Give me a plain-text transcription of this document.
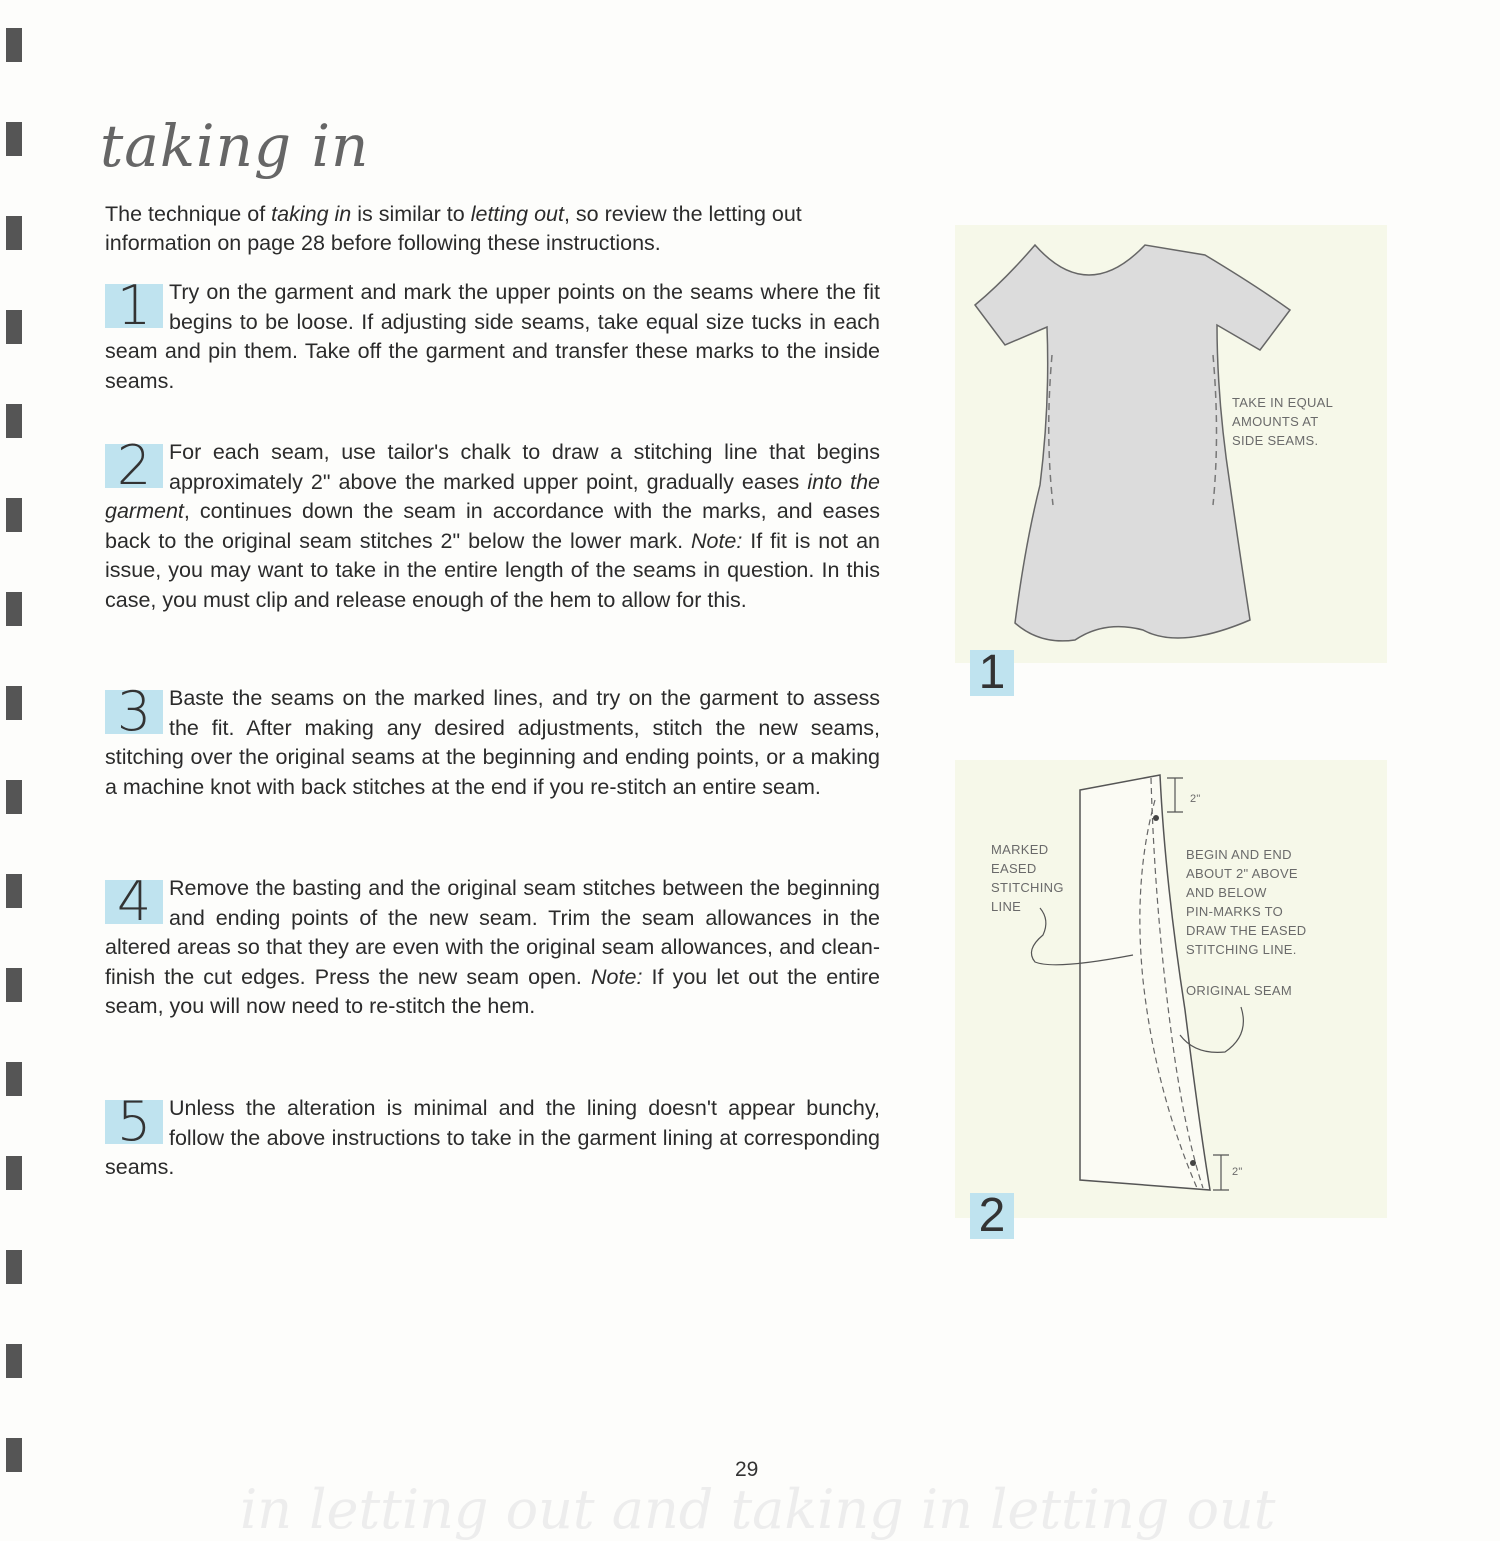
taking in
The technique of taking in is similar to letting out, so review the letting out information on page 28 before following these instructions.
1 Try on the garment and mark the upper points on the seams where the fit begins to be loose. If adjusting side seams, take equal size tucks in each seam and pin them. Take off the garment and transfer these marks to the inside seams.
2 For each seam, use tailor's chalk to draw a stitching line that begins approximately 2" above the marked upper point, gradually eases into the garment, continues down the seam in accordance with the marks, and eases back to the original seam stitches 2" below the lower mark. Note: If fit is not an issue, you may want to take in the entire length of the seams in question. In this case, you must clip and release enough of the hem to allow for this.
3 Baste the seams on the marked lines, and try on the garment to assess the fit. After making any desired adjustments, stitch the new seams, stitching over the original seams at the beginning and ending points, or a making a machine knot with back stitches at the end if you re-stitch an entire seam.
4 Remove the basting and the original seam stitches between the beginning and ending points of the new seam. Trim the seam allowances in the altered areas so that they are even with the original seam allowances, and clean-finish the cut edges. Press the new seam open. Note: If you let out the entire seam, you will now need to re-stitch the hem.
5 Unless the alteration is minimal and the lining doesn't appear bunchy, follow the above instructions to take in the garment lining at corresponding seams.
TAKE IN EQUAL
AMOUNTS AT
SIDE SEAMS.
1
MARKED
EASED
STITCHING
LINE
BEGIN AND END
ABOUT 2" ABOVE
AND BELOW
PIN-MARKS TO
DRAW THE EASED
STITCHING LINE.
ORIGINAL SEAM
2"
2"
2
29
in letting out and taking in letting out
